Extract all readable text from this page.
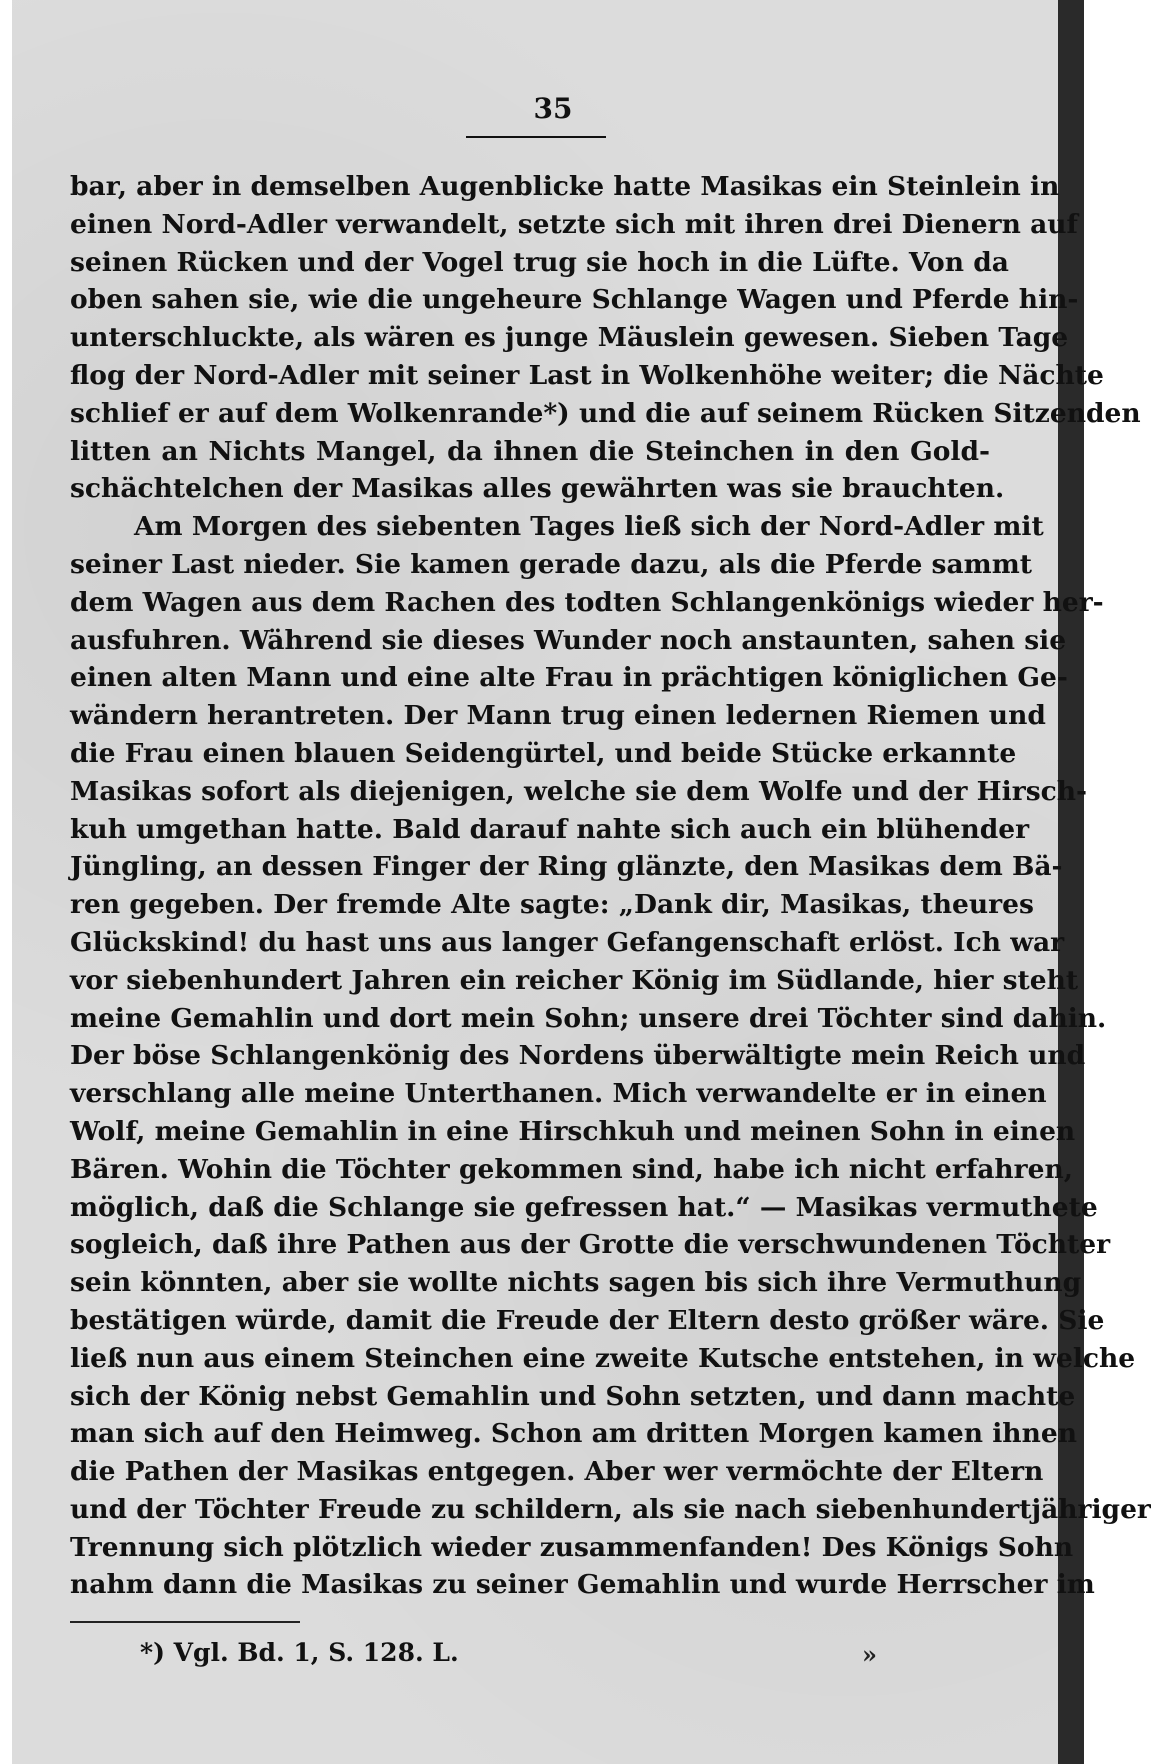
35
bar, aber in demselben Augenblicke hatte Masikas ein Steinlein in
einen Nord-Adler verwandelt, setzte sich mit ihren drei Dienern auf
seinen Rücken und der Vogel trug sie hoch in die Lüfte. Von da
oben sahen sie, wie die ungeheure Schlange Wagen und Pferde hin-
unterschluckte, als wären es junge Mäuslein gewesen. Sieben Tage
flog der Nord-Adler mit seiner Last in Wolkenhöhe weiter; die Nächte
schlief er auf dem Wolkenrande*) und die auf seinem Rücken Sitzenden
litten an Nichts Mangel, da ihnen die Steinchen in den Gold-
schächtelchen der Masikas alles gewährten was sie brauchten.
Am Morgen des siebenten Tages ließ sich der Nord-Adler mit
seiner Last nieder. Sie kamen gerade dazu, als die Pferde sammt
dem Wagen aus dem Rachen des todten Schlangenkönigs wieder her-
ausfuhren. Während sie dieses Wunder noch anstaunten, sahen sie
einen alten Mann und eine alte Frau in prächtigen königlichen Ge-
wändern herantreten. Der Mann trug einen ledernen Riemen und
die Frau einen blauen Seidengürtel, und beide Stücke erkannte
Masikas sofort als diejenigen, welche sie dem Wolfe und der Hirsch-
kuh umgethan hatte. Bald darauf nahte sich auch ein blühender
Jüngling, an dessen Finger der Ring glänzte, den Masikas dem Bä-
ren gegeben. Der fremde Alte sagte: „Dank dir, Masikas, theures
Glückskind! du hast uns aus langer Gefangenschaft erlöst. Ich war
vor siebenhundert Jahren ein reicher König im Südlande, hier steht
meine Gemahlin und dort mein Sohn; unsere drei Töchter sind dahin.
Der böse Schlangenkönig des Nordens überwältigte mein Reich und
verschlang alle meine Unterthanen. Mich verwandelte er in einen
Wolf, meine Gemahlin in eine Hirschkuh und meinen Sohn in einen
Bären. Wohin die Töchter gekommen sind, habe ich nicht erfahren,
möglich, daß die Schlange sie gefressen hat.“ — Masikas vermuthete
sogleich, daß ihre Pathen aus der Grotte die verschwundenen Töchter
sein könnten, aber sie wollte nichts sagen bis sich ihre Vermuthung
bestätigen würde, damit die Freude der Eltern desto größer wäre. Sie
ließ nun aus einem Steinchen eine zweite Kutsche entstehen, in welche
sich der König nebst Gemahlin und Sohn setzten, und dann machte
man sich auf den Heimweg. Schon am dritten Morgen kamen ihnen
die Pathen der Masikas entgegen. Aber wer vermöchte der Eltern
und der Töchter Freude zu schildern, als sie nach siebenhundertjähriger
Trennung sich plötzlich wieder zusammenfanden! Des Königs Sohn
nahm dann die Masikas zu seiner Gemahlin und wurde Herrscher im
*) Vgl. Bd. 1, S. 128. L.	»
